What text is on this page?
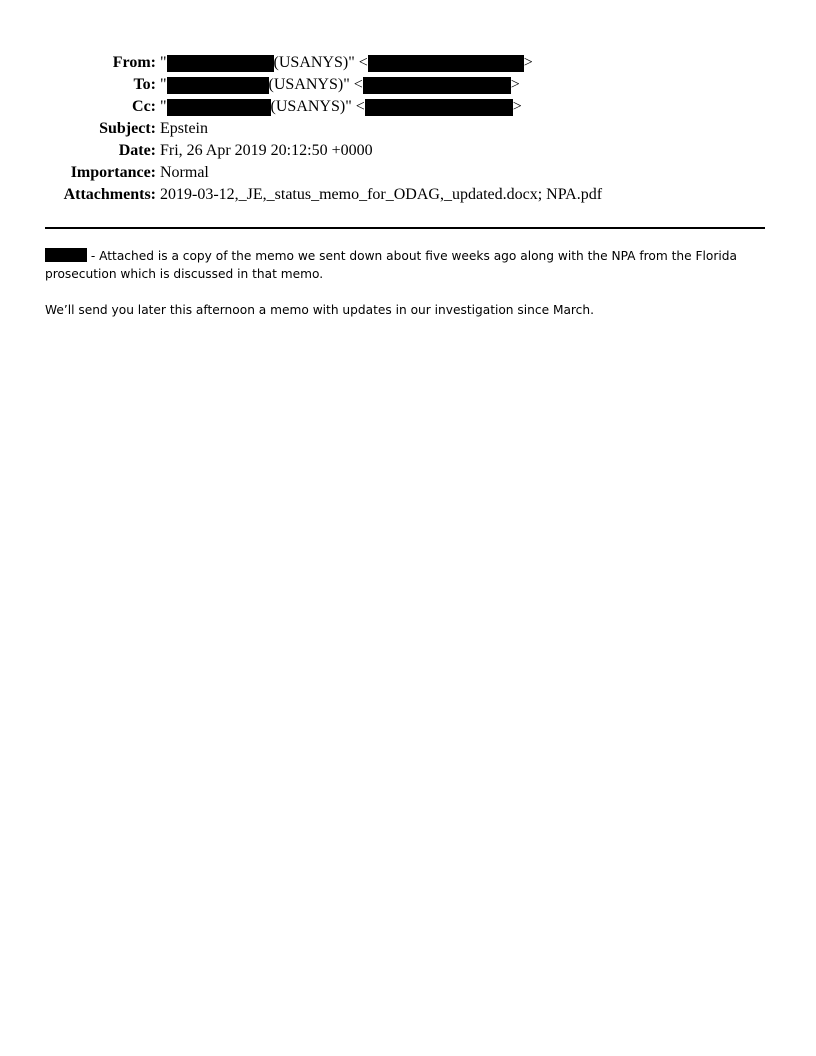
From: "	(USANYS)" <	>
To: "	(USANYS)" <	>
Cc: "	(USANYS)" <	>
Subject: Epstein
Date: Fri, 26 Apr 2019 20:12:50 +0000
Importance: Normal
Attachments: 2019-03-12,_JE,_status_memo_for_ODAG,_updated.docx; NPA.pdf

- Attached is a copy of the memo we sent down about five weeks ago along with the NPA from the Florida prosecution which is discussed in that memo.

We’ll send you later this afternoon a memo with updates in our investigation since March.
